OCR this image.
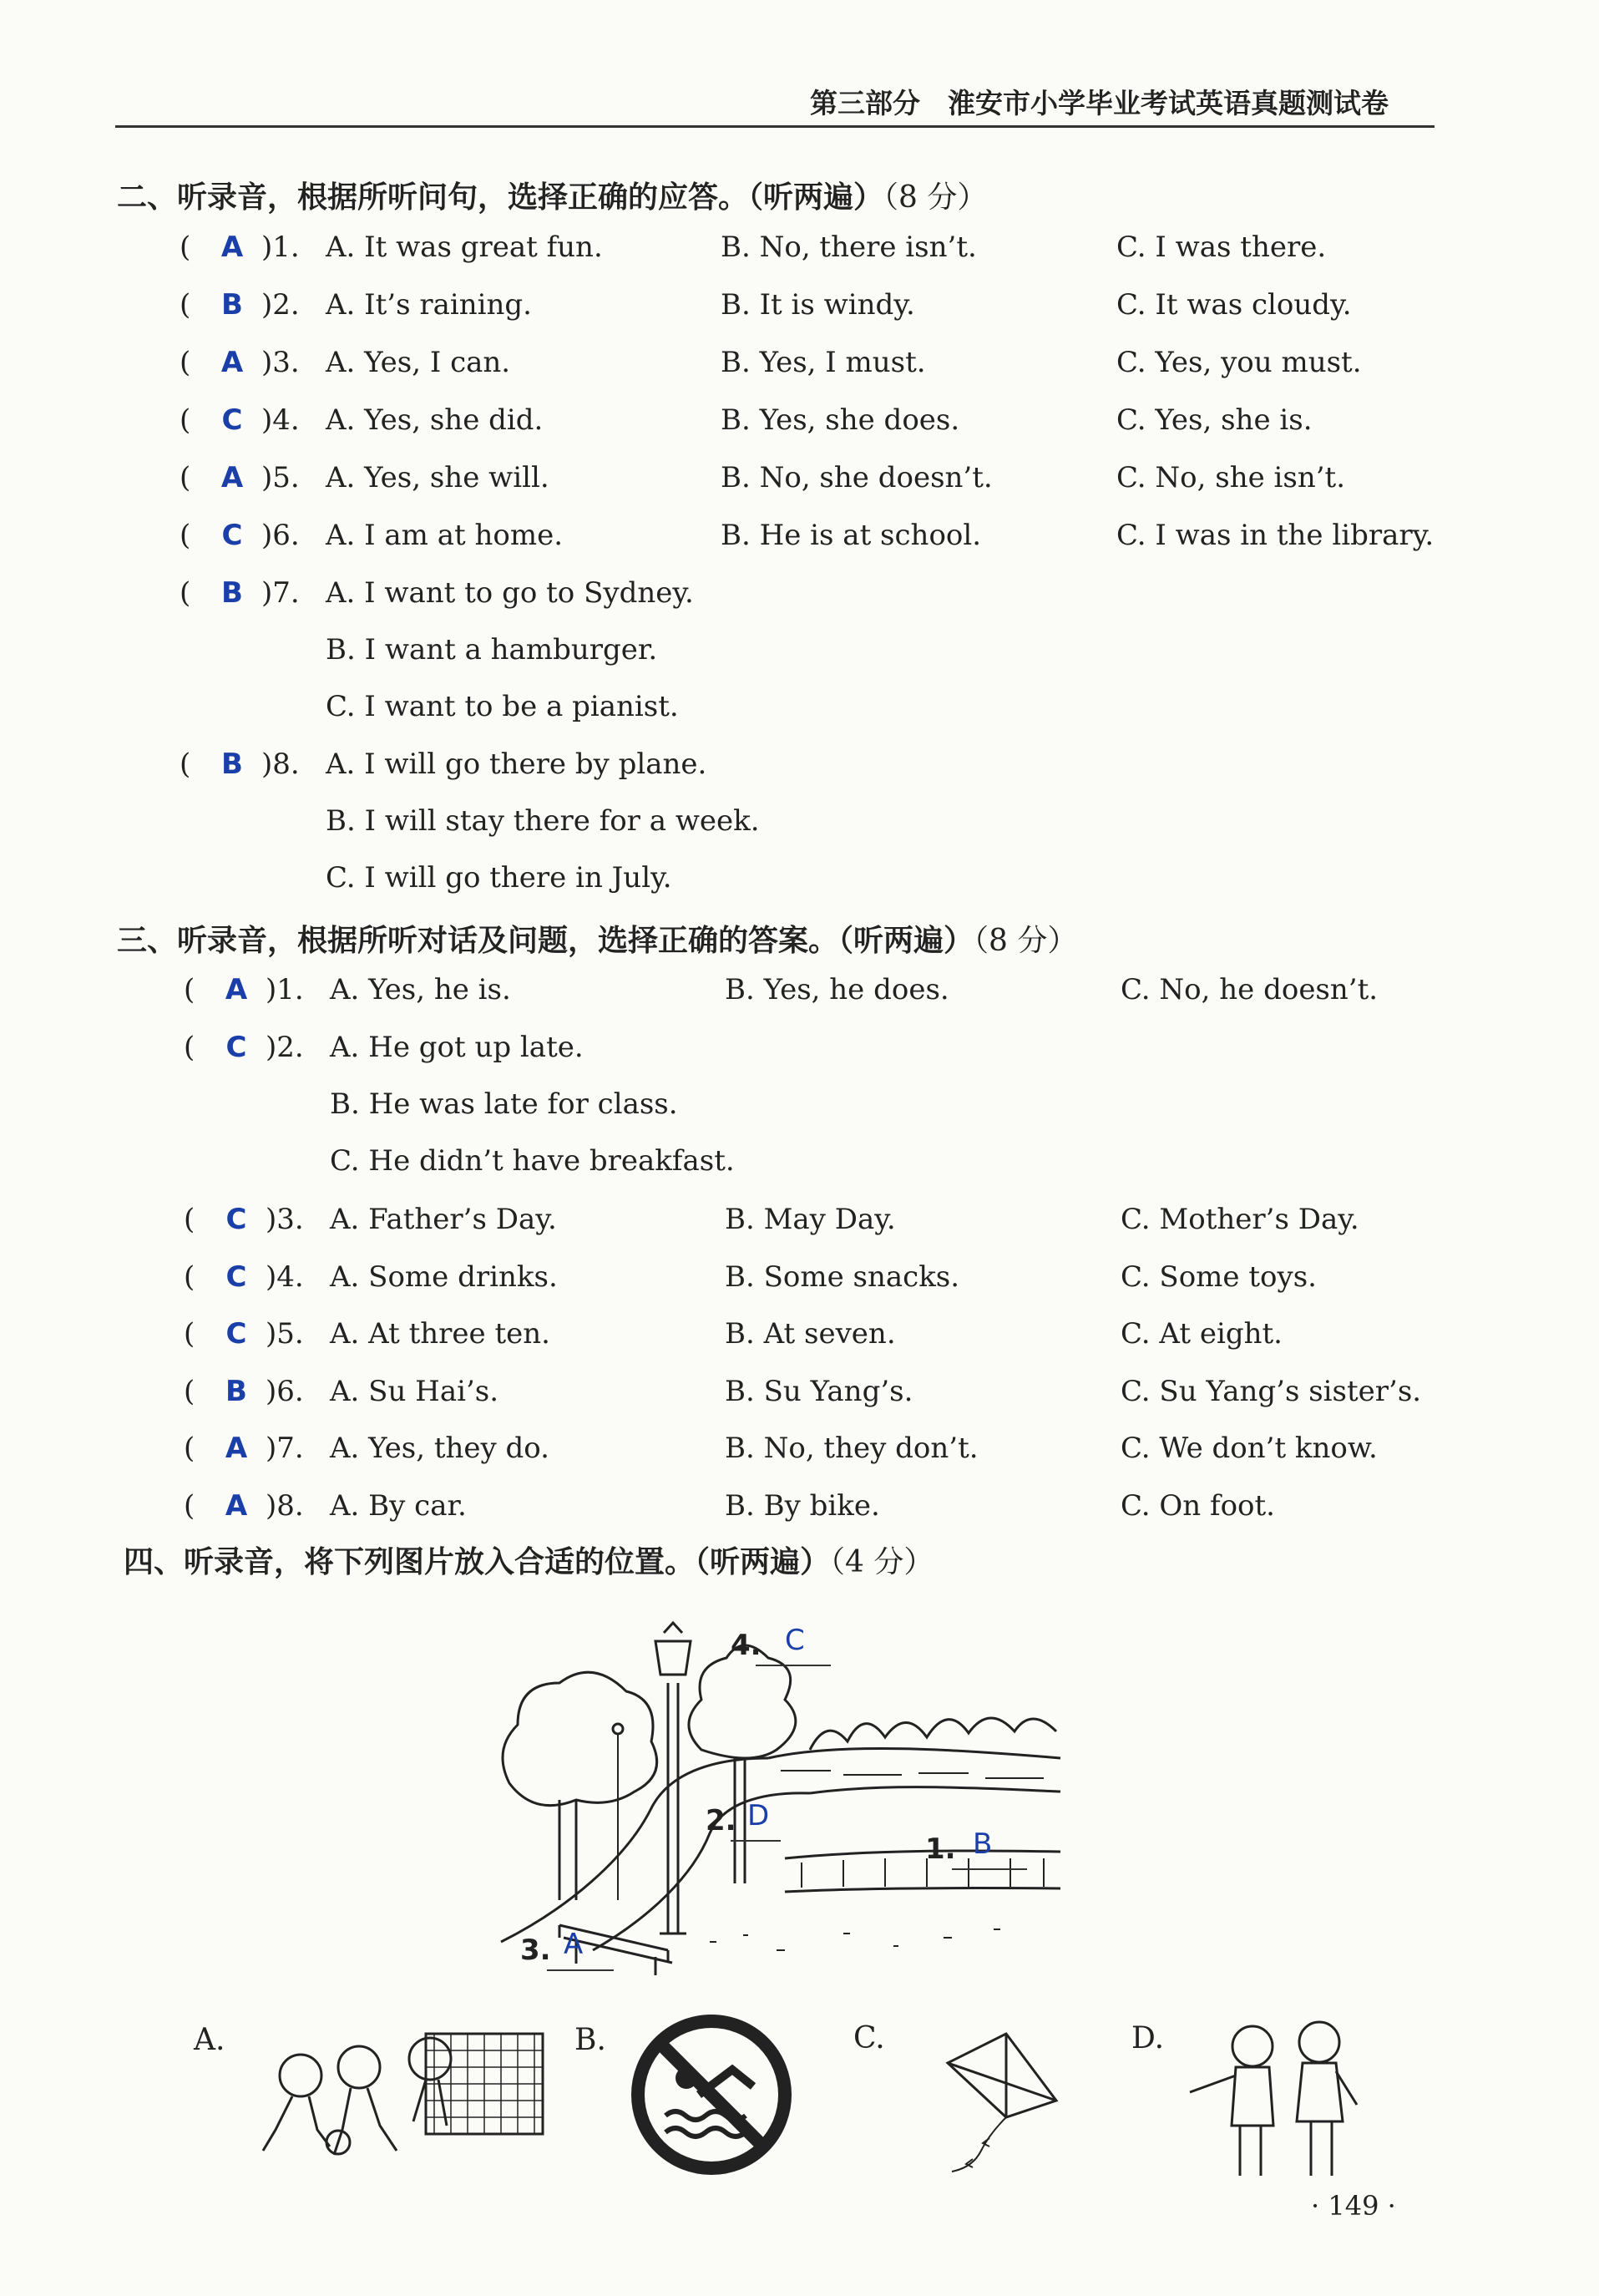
第三部分　淮安市小学毕业考试英语真题测试卷
二、听录音，根据所听问句，选择正确的应答。（听两遍）（8 分）
(	A )1. A. It was great fun.	B. No, there isn’t.	C. I was there.
(	B )2. A. It’s raining.	B. It is windy.	C. It was cloudy.
(	A )3. A. Yes, I can.	B. Yes, I must.	C. Yes, you must.
(	C )4. A. Yes, she did.	B. Yes, she does.	C. Yes, she is.
(	A )5. A. Yes, she will.	B. No, she doesn’t.	C. No, she isn’t.
(	C )6. A. I am at home.	B. He is at school.	C. I was in the library.
(	B )7. A. I want to go to Sydney.
B. I want a hamburger.
C. I want to be a pianist.
(	B )8. A. I will go there by plane.
B. I will stay there for a week.
C. I will go there in July.
三、听录音，根据所听对话及问题，选择正确的答案。（听两遍）（8 分）
(	A )1. A. Yes, he is.	B. Yes, he does.	C. No, he doesn’t.
(	C )2. A. He got up late.
B. He was late for class.
C. He didn’t have breakfast.
(	C )3. A. Father’s Day.	B. May Day.	C. Mother’s Day.
(	C )4. A. Some drinks.	B. Some snacks.	C. Some toys.
(	C )5. A. At three ten.	B. At seven.	C. At eight.
(	B )6. A. Su Hai’s.	B. Su Yang’s.	C. Su Yang’s sister’s.
(	A )7. A. Yes, they do.	B. No, they don’t.	C. We don’t know.
(	A )8. A. By car.	B. By bike.	C. On foot.
四、听录音，将下列图片放入合适的位置。（听两遍）（4 分）
1. B
2. D
3. A
4. C
A.	B.	C.	D.
· 149 ·
